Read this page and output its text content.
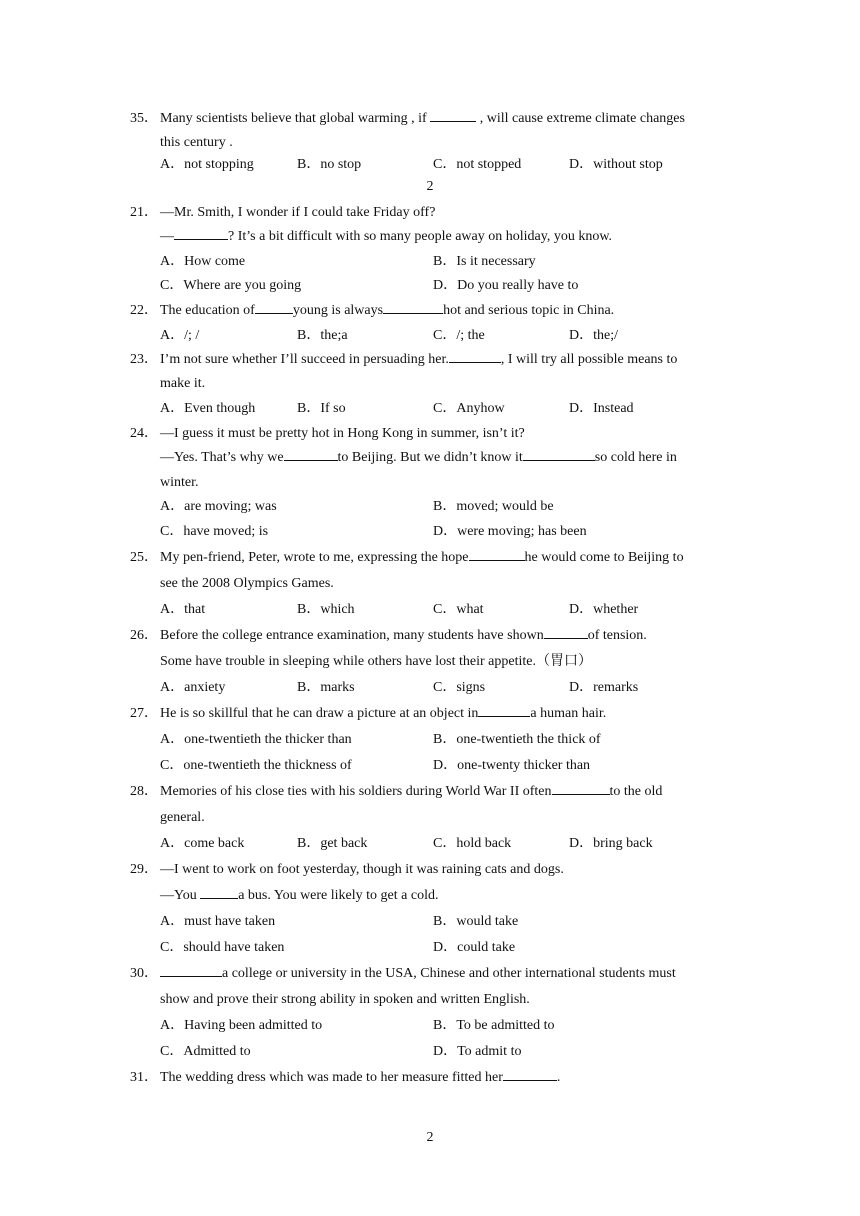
35． Many scientists believe that global warming , if	, will cause extreme climate changes
this century .
A．not stopping	B．no stop	C．not stopped	D．without stop
2
21． —Mr. Smith, I wonder if I could take Friday off?
—	? It’s a bit difficult with so many people away on holiday, you know.
A．How come	B．Is it necessary
C．Where are you going	D．Do you really have to
22． The education of	young is always	hot and serious topic in China.
A．/; /	B．the;a	C．/; the	D．the;/
23． I’m not sure whether I’ll succeed in persuading her.	, I will try all possible means to
make it.
A．Even though	B．If so	C．Anyhow	D．Instead
24． —I guess it must be pretty hot in Hong Kong in summer, isn’t it?
—Yes. That’s why we	to Beijing. But we didn’t know it	so cold here in
winter.
A．are moving; was	B．moved; would be
C．have moved; is	D．were moving; has been
25． My pen-friend, Peter, wrote to me, expressing the hope	he would come to Beijing to
see the 2008 Olympics Games.
A．that	B．which	C．what	D．whether
26． Before the college entrance examination, many students have shown	of tension.
Some have trouble in sleeping while others have lost their appetite.（胃口）
A．anxiety	B．marks	C．signs	D．remarks
27． He is so skillful that he can draw a picture at an object in	a human hair.
A．one-twentieth the thicker than	B．one-twentieth the thick of
C．one-twentieth the thickness of	D．one-twenty thicker than
28． Memories of his close ties with his soldiers during World War II often	to the old
general.
A．come back	B．get back	C．hold back	D．bring back
29． —I went to work on foot yesterday, though it was raining cats and dogs.
—You	a bus. You were likely to get a cold.
A．must have taken	B．would take
C．should have taken	D．could take
30．	a college or university in the USA, Chinese and other international students must
show and prove their strong ability in spoken and written English.
A．Having been admitted to	B．To be admitted to
C．Admitted to	D．To admit to
31． The wedding dress which was made to her measure fitted her	.
2
